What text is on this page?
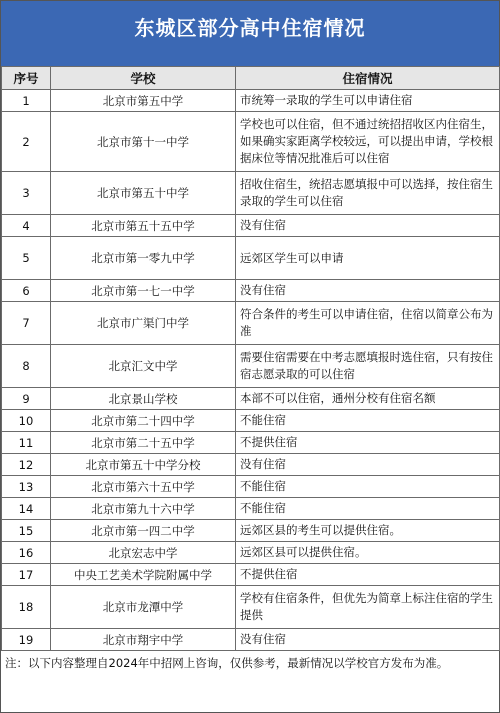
东城区部分高中住宿情况
序号	学校	住宿情况
1	北京市第五中学	市统筹一录取的学生可以申请住宿
2	北京市第十一中学	学校也可以住宿，但不通过统招招收区内住宿生，如果确实家距离学校较远，可以提出申请，学校根据床位等情况批准后可以住宿
3	北京市第五十中学	招收住宿生，统招志愿填报中可以选择，按住宿生录取的学生可以住宿
4	北京市第五十五中学	没有住宿
5	北京市第一零九中学	远郊区学生可以申请
6	北京市第一七一中学	没有住宿
7	北京市广渠门中学	符合条件的考生可以申请住宿，住宿以简章公布为准
8	北京汇文中学	需要住宿需要在中考志愿填报时选住宿，只有按住宿志愿录取的可以住宿
9	北京景山学校	本部不可以住宿，通州分校有住宿名额
10	北京市第二十四中学	不能住宿
11	北京市第二十五中学	不提供住宿
12	北京市第五十中学分校	没有住宿
13	北京市第六十五中学	不能住宿
14	北京市第九十六中学	不能住宿
15	北京市第一四二中学	远郊区县的考生可以提供住宿。
16	北京宏志中学	远郊区县可以提供住宿。
17	中央工艺美术学院附属中学	不提供住宿
18	北京市龙潭中学	学校有住宿条件，但优先为简章上标注住宿的学生提供
19	北京市翔宇中学	没有住宿
注：以下内容整理自2024年中招网上咨询，仅供参考，最新情况以学校官方发布为准。
